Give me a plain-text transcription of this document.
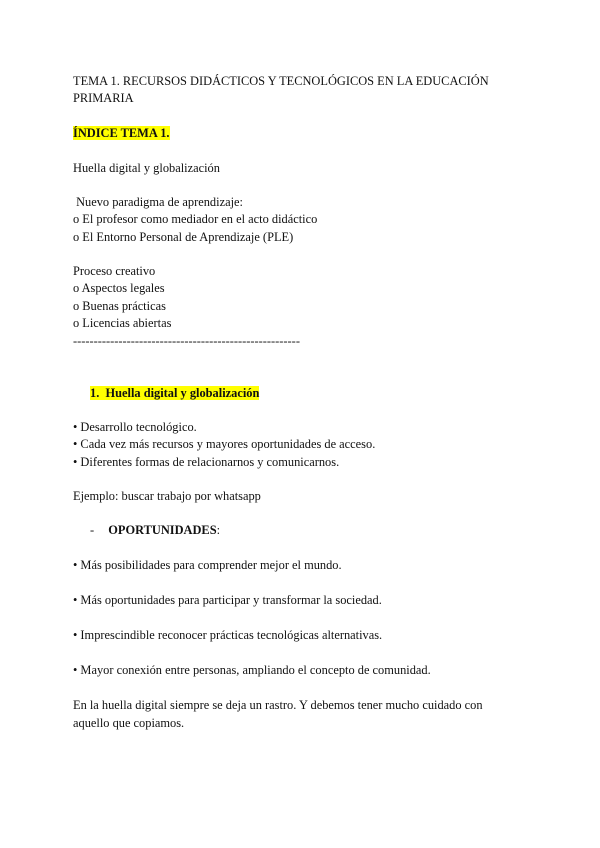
TEMA 1. RECURSOS DIDÁCTICOS Y TECNOLÓGICOS EN LA EDUCACIÓN
PRIMARIA
ÍNDICE TEMA 1.
Huella digital y globalización
Nuevo paradigma de aprendizaje:
o El profesor como mediador en el acto didáctico
o El Entorno Personal de Aprendizaje (PLE)
Proceso creativo
o Aspectos legales
o Buenas prácticas
o Licencias abiertas
-------------------------------------------------------
1. Huella digital y globalización
• Desarrollo tecnológico.
• Cada vez más recursos y mayores oportunidades de acceso.
• Diferentes formas de relacionarnos y comunicarnos.
Ejemplo: buscar trabajo por whatsapp
- OPORTUNIDADES:
• Más posibilidades para comprender mejor el mundo.
• Más oportunidades para participar y transformar la sociedad.
• Imprescindible reconocer prácticas tecnológicas alternativas.
• Mayor conexión entre personas, ampliando el concepto de comunidad.
En la huella digital siempre se deja un rastro. Y debemos tener mucho cuidado con
aquello que copiamos.
